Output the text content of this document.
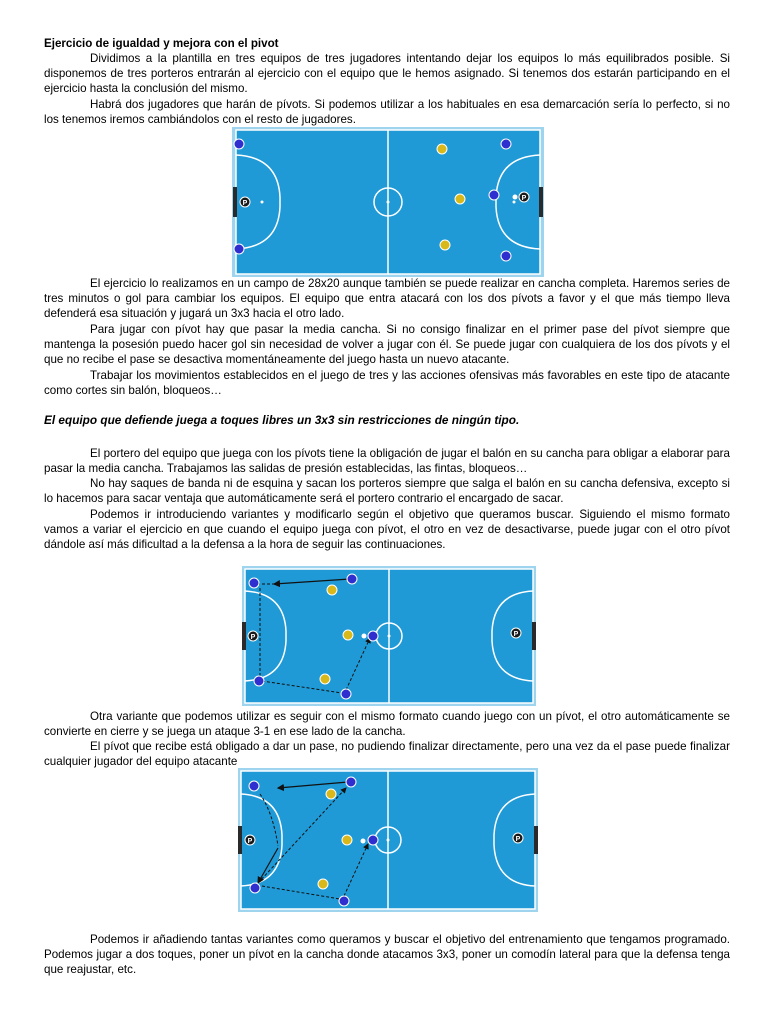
Ejercicio de igualdad y mejora con el pivot

Dividimos a la plantilla en tres equipos de tres jugadores intentando dejar los equipos lo más equilibrados posible. Si disponemos de tres porteros entrarán al ejercicio con el equipo que le hemos asignado. Si tenemos dos estarán participando en el ejercicio hasta la conclusión del mismo.

Habrá dos jugadores que harán de pívots. Si podemos utilizar a los habituales en esa demarcación sería lo perfecto, si no los tenemos iremos cambiándolos con el resto de jugadores.

P
P

El ejercicio lo realizamos en un campo de 28x20 aunque también se puede realizar en cancha completa. Haremos series de tres minutos o gol para cambiar los equipos. El equipo que entra atacará con los dos pívots a favor y el que más tiempo lleva defenderá esa situación y jugará un 3x3 hacia el otro lado.

Para jugar con pívot hay que pasar la media cancha. Si no consigo finalizar en el primer pase del pívot siempre que mantenga la posesión puedo hacer gol sin necesidad de volver a jugar con él. Se puede jugar con cualquiera de los dos pívots y el que no recibe el pase se desactiva momentáneamente del juego hasta un nuevo atacante.

Trabajar los movimientos establecidos en el juego de tres y las acciones ofensivas más favorables en este tipo de atacante como cortes sin balón, bloqueos…

El equipo que defiende juega a toques libres un 3x3 sin restricciones de ningún tipo.

El portero del equipo que juega con los pívots tiene la obligación de jugar el balón en su cancha para obligar a elaborar para pasar la media cancha. Trabajamos las salidas de presión establecidas, las fintas, bloqueos…

No hay saques de banda ni de esquina y sacan los porteros siempre que salga el balón en su cancha defensiva, excepto si lo hacemos para sacar ventaja que automáticamente será el portero contrario el encargado de sacar.

Podemos ir introduciendo variantes y modificarlo según el objetivo que queramos buscar. Siguiendo el mismo formato vamos a variar el ejercicio en que cuando el equipo juega con pívot, el otro en vez de desactivarse, puede jugar con el otro pívot dándole así más dificultad a la defensa a la hora de seguir las continuaciones.

P	P

Otra variante que podemos utilizar es seguir con el mismo formato cuando juego con un pívot, el otro automáticamente se convierte en cierre y se juega un ataque 3-1 en ese lado de la cancha.

El pívot que recibe está obligado a dar un pase, no pudiendo finalizar directamente, pero una vez da el pase puede finalizar cualquier jugador del equipo atacante

P	P

Podemos ir añadiendo tantas variantes como queramos y buscar el objetivo del entrenamiento que tengamos programado. Podemos jugar a dos toques, poner un pívot en la cancha donde atacamos 3x3, poner un comodín lateral para que la defensa tenga que reajustar, etc.
